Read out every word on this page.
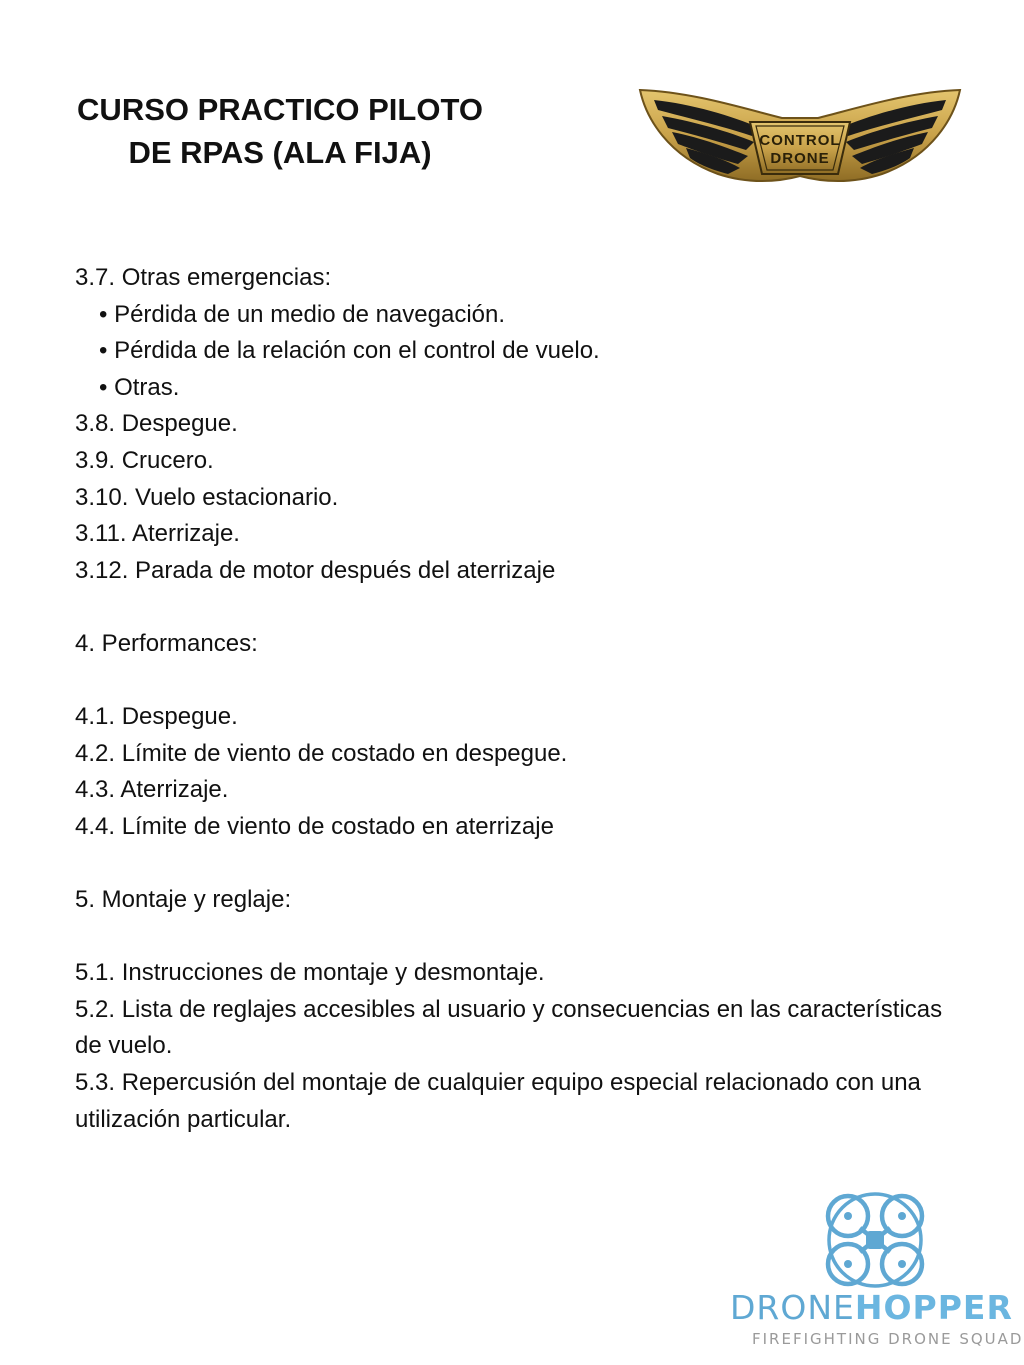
CURSO PRACTICO PILOTO
DE RPAS (ALA FIJA)	CONTROL
DRONE
3.7. Otras emergencias:
• Pérdida de un medio de navegación.
• Pérdida de la relación con el control de vuelo.
• Otras.
3.8. Despegue.
3.9. Crucero.
3.10. Vuelo estacionario.
3.11. Aterrizaje.
3.12. Parada de motor después del aterrizaje
4. Performances:
4.1. Despegue.
4.2. Límite de viento de costado en despegue.
4.3. Aterrizaje.
4.4. Límite de viento de costado en aterrizaje
5. Montaje y reglaje:
5.1. Instrucciones de montaje y desmontaje.
5.2. Lista de reglajes accesibles al usuario y consecuencias en las características de vuelo.
5.3. Repercusión del montaje de cualquier equipo especial relacionado con una utilización particular.
DRONEHOPPER
FIREFIGHTING DRONE SQUAD
